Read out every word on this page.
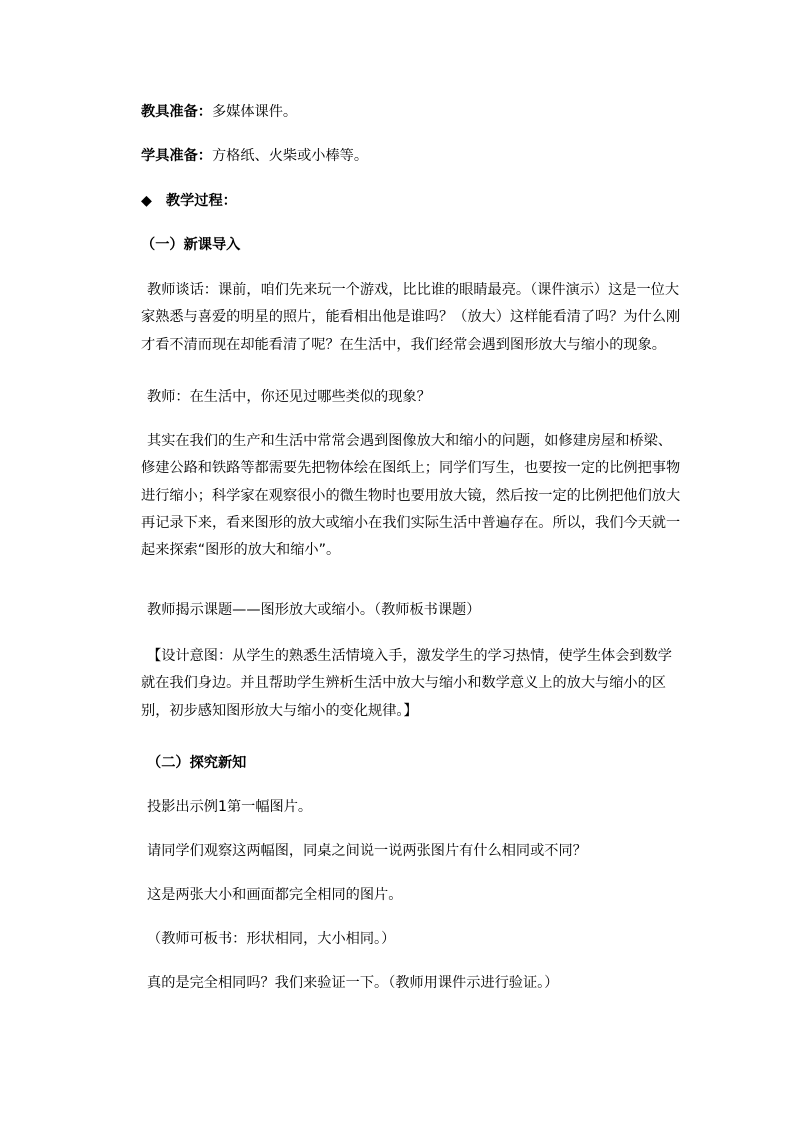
教具准备：多媒体课件。
学具准备：方格纸、火柴或小棒等。
◆ 教学过程：
（一）新课导入
教师谈话：课前，咱们先来玩一个游戏，比比谁的眼睛最亮。（课件演示）这是一位大家熟悉与喜爱的明星的照片，能看相出他是谁吗？（放大）这样能看清了吗？为什么刚才看不清而现在却能看清了呢？在生活中，我们经常会遇到图形放大与缩小的现象。
教师：在生活中，你还见过哪些类似的现象？
其实在我们的生产和生活中常常会遇到图像放大和缩小的问题，如修建房屋和桥梁、修建公路和铁路等都需要先把物体绘在图纸上；同学们写生，也要按一定的比例把事物进行缩小；科学家在观察很小的微生物时也要用放大镜，然后按一定的比例把他们放大再记录下来，看来图形的放大或缩小在我们实际生活中普遍存在。所以，我们今天就一起来探索“图形的放大和缩小”。
教师揭示课题——图形放大或缩小。（教师板书课题）
【设计意图：从学生的熟悉生活情境入手，激发学生的学习热情，使学生体会到数学就在我们身边。并且帮助学生辨析生活中放大与缩小和数学意义上的放大与缩小的区别，初步感知图形放大与缩小的变化规律。】
（二）探究新知
投影出示例1第一幅图片。
请同学们观察这两幅图，同桌之间说一说两张图片有什么相同或不同？
这是两张大小和画面都完全相同的图片。
（教师可板书：形状相同，大小相同。）
真的是完全相同吗？我们来验证一下。（教师用课件示进行验证。）
